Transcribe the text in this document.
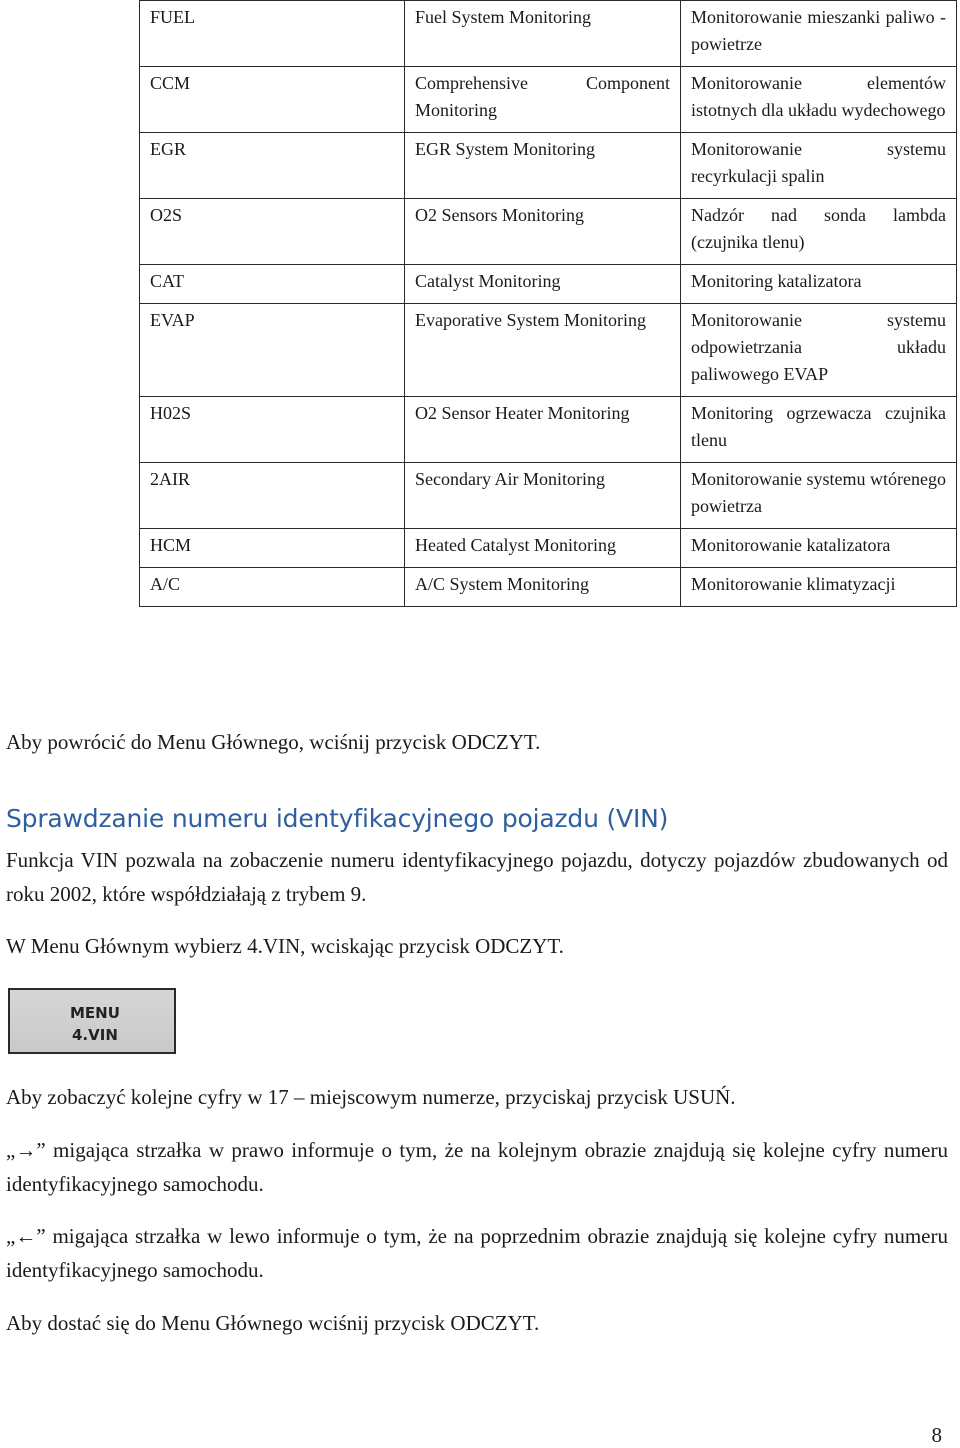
FUEL	Fuel System Monitoring	Monitorowanie mieszanki paliwo - powietrze
CCM	Comprehensive Component Monitoring	Monitorowanie elementów istotnych dla układu wydechowego
EGR	EGR System Monitoring	Monitorowanie systemu recyrkulacji spalin
O2S	O2 Sensors Monitoring	Nadzór nad sonda lambda (czujnika tlenu)
CAT	Catalyst Monitoring	Monitoring katalizatora
EVAP	Evaporative System Monitoring	Monitorowanie systemu odpowietrzania układu paliwowego EVAP
H02S	O2 Sensor Heater Monitoring	Monitoring ogrzewacza czujnika tlenu
2AIR	Secondary Air Monitoring	Monitorowanie systemu wtórenego powietrza
HCM	Heated Catalyst Monitoring	Monitorowanie katalizatora
A/C	A/C System Monitoring	Monitorowanie klimatyzacji

Aby powrócić do Menu Głównego, wciśnij przycisk ODCZYT.

Sprawdzanie numeru identyfikacyjnego pojazdu (VIN)

Funkcja VIN pozwala na zobaczenie numeru identyfikacyjnego pojazdu, dotyczy pojazdów zbudowanych od roku 2002, które współdziałają z trybem 9.

W Menu Głównym wybierz 4.VIN, wciskając przycisk ODCZYT.

MENU
4.VIN

Aby zobaczyć kolejne cyfry w 17 – miejscowym numerze, przyciskaj przycisk USUŃ.

„→” migająca strzałka w prawo informuje o tym, że na kolejnym obrazie znajdują się kolejne cyfry numeru identyfikacyjnego samochodu.

„←” migająca strzałka w lewo informuje o tym, że na poprzednim obrazie znajdują się kolejne cyfry numeru identyfikacyjnego samochodu.

Aby dostać się do Menu Głównego wciśnij przycisk ODCZYT.

8
